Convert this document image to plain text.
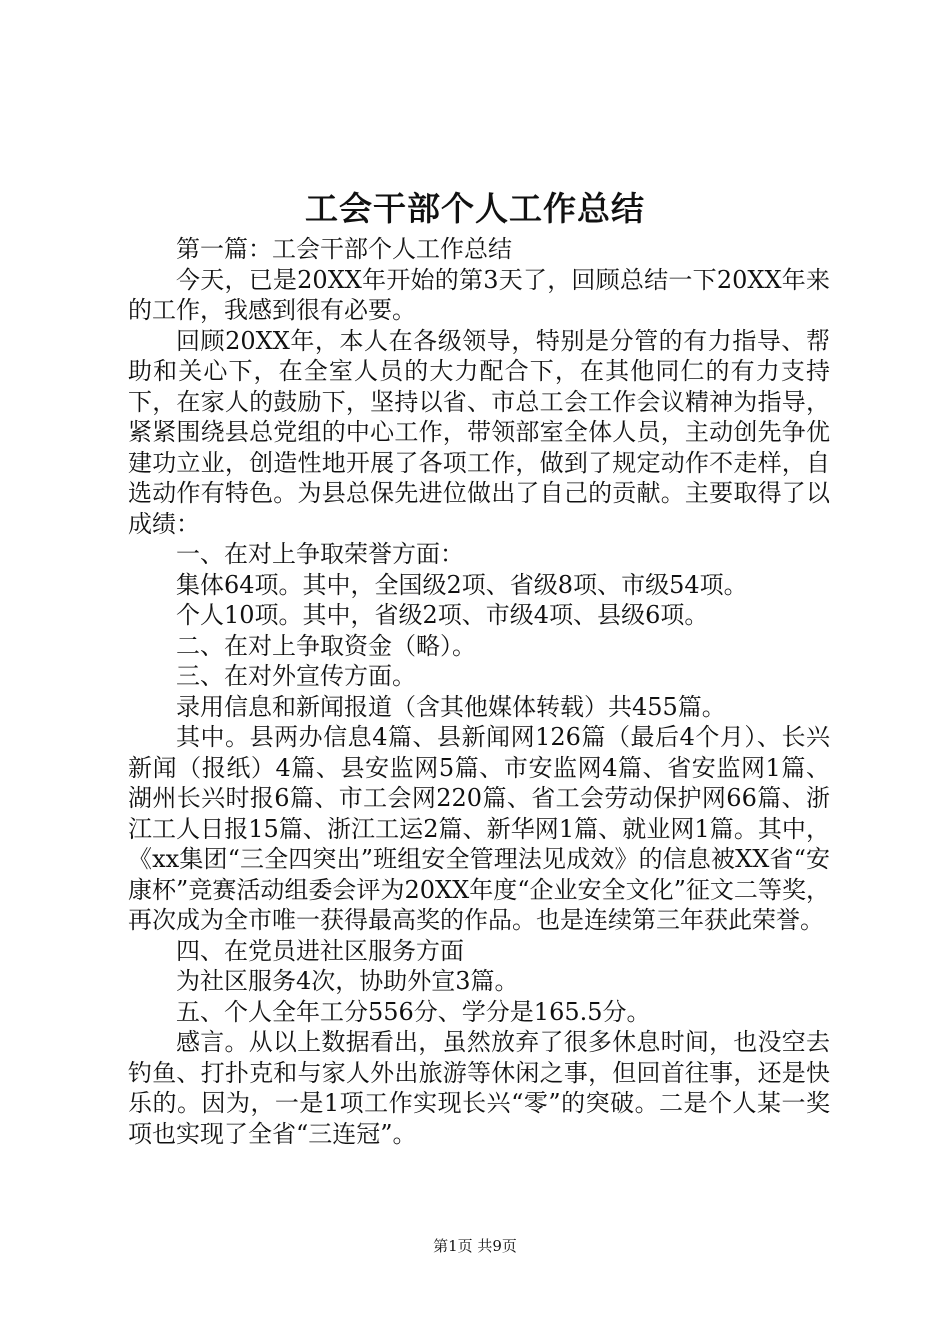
工会干部个人工作总结

第一篇：工会干部个人工作总结

今天，已是20XX年开始的第3天了，回顾总结一下20XX年来的工作，我感到很有必要。

回顾20XX年，本人在各级领导，特别是分管的有力指导、帮助和关心下，在全室人员的大力配合下，在其他同仁的有力支持下，在家人的鼓励下，坚持以省、市总工会工作会议精神为指导，紧紧围绕县总党组的中心工作，带领部室全体人员，主动创先争优建功立业，创造性地开展了各项工作，做到了规定动作不走样，自选动作有特色。为县总保先进位做出了自己的贡献。主要取得了以成绩：

一、在对上争取荣誉方面：

集体64项。其中，全国级2项、省级8项、市级54项。

个人10项。其中，省级2项、市级4项、县级6项。

二、在对上争取资金（略）。

三、在对外宣传方面。

录用信息和新闻报道（含其他媒体转载）共455篇。

其中。县两办信息4篇、县新闻网126篇（最后4个月）、长兴新闻（报纸）4篇、县安监网5篇、市安监网4篇、省安监网1篇、湖州长兴时报6篇、市工会网220篇、省工会劳动保护网66篇、浙江工人日报15篇、浙江工运2篇、新华网1篇、就业网1篇。其中，《xx集团“三全四突出”班组安全管理法见成效》的信息被XX省“安康杯”竞赛活动组委会评为20XX年度“企业安全文化”征文二等奖，再次成为全市唯一获得最高奖的作品。也是连续第三年获此荣誉。

四、在党员进社区服务方面

为社区服务4次，协助外宣3篇。

五、个人全年工分556分、学分是165.5分。

感言。从以上数据看出，虽然放弃了很多休息时间，也没空去钓鱼、打扑克和与家人外出旅游等休闲之事，但回首往事，还是快乐的。因为，一是1项工作实现长兴“零”的突破。二是个人某一奖项也实现了全省“三连冠”。

第1页 共9页
